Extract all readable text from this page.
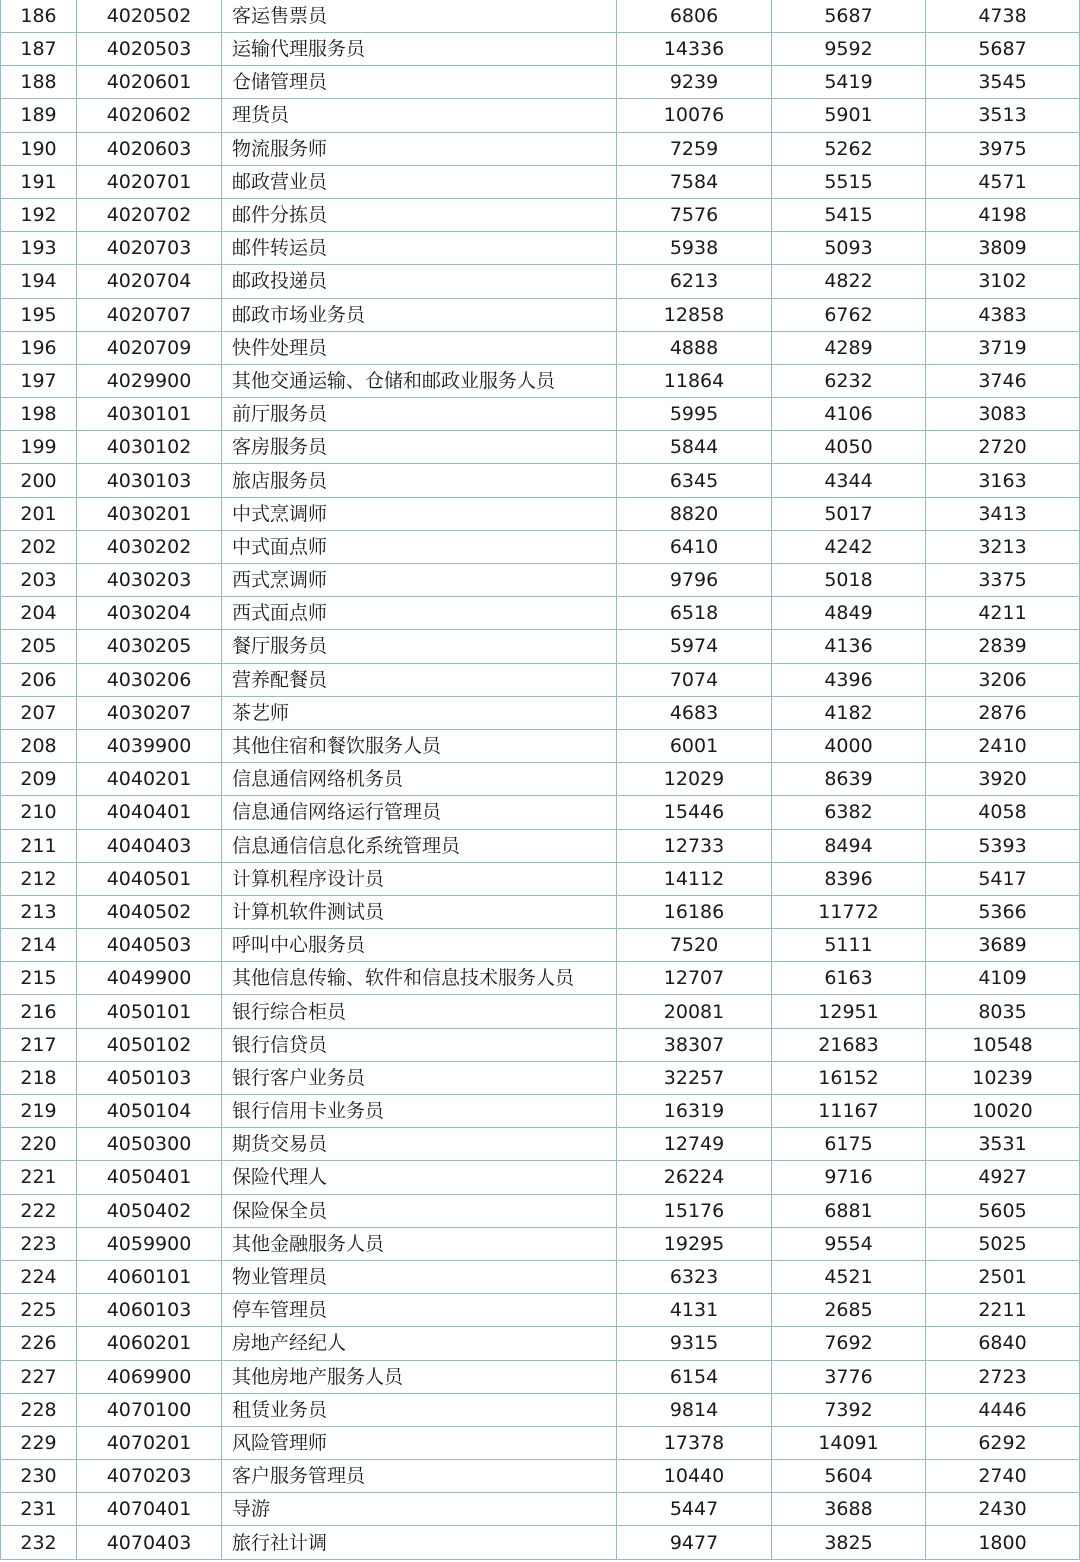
186	4020502	客运售票员	6806	5687	4738
187	4020503	运输代理服务员	14336	9592	5687
188	4020601	仓储管理员	9239	5419	3545
189	4020602	理货员	10076	5901	3513
190	4020603	物流服务师	7259	5262	3975
191	4020701	邮政营业员	7584	5515	4571
192	4020702	邮件分拣员	7576	5415	4198
193	4020703	邮件转运员	5938	5093	3809
194	4020704	邮政投递员	6213	4822	3102
195	4020707	邮政市场业务员	12858	6762	4383
196	4020709	快件处理员	4888	4289	3719
197	4029900	其他交通运输、仓储和邮政业服务人员	11864	6232	3746
198	4030101	前厅服务员	5995	4106	3083
199	4030102	客房服务员	5844	4050	2720
200	4030103	旅店服务员	6345	4344	3163
201	4030201	中式烹调师	8820	5017	3413
202	4030202	中式面点师	6410	4242	3213
203	4030203	西式烹调师	9796	5018	3375
204	4030204	西式面点师	6518	4849	4211
205	4030205	餐厅服务员	5974	4136	2839
206	4030206	营养配餐员	7074	4396	3206
207	4030207	茶艺师	4683	4182	2876
208	4039900	其他住宿和餐饮服务人员	6001	4000	2410
209	4040201	信息通信网络机务员	12029	8639	3920
210	4040401	信息通信网络运行管理员	15446	6382	4058
211	4040403	信息通信信息化系统管理员	12733	8494	5393
212	4040501	计算机程序设计员	14112	8396	5417
213	4040502	计算机软件测试员	16186	11772	5366
214	4040503	呼叫中心服务员	7520	5111	3689
215	4049900	其他信息传输、软件和信息技术服务人员	12707	6163	4109
216	4050101	银行综合柜员	20081	12951	8035
217	4050102	银行信贷员	38307	21683	10548
218	4050103	银行客户业务员	32257	16152	10239
219	4050104	银行信用卡业务员	16319	11167	10020
220	4050300	期货交易员	12749	6175	3531
221	4050401	保险代理人	26224	9716	4927
222	4050402	保险保全员	15176	6881	5605
223	4059900	其他金融服务人员	19295	9554	5025
224	4060101	物业管理员	6323	4521	2501
225	4060103	停车管理员	4131	2685	2211
226	4060201	房地产经纪人	9315	7692	6840
227	4069900	其他房地产服务人员	6154	3776	2723
228	4070100	租赁业务员	9814	7392	4446
229	4070201	风险管理师	17378	14091	6292
230	4070203	客户服务管理员	10440	5604	2740
231	4070401	导游	5447	3688	2430
232	4070403	旅行社计调	9477	3825	1800
